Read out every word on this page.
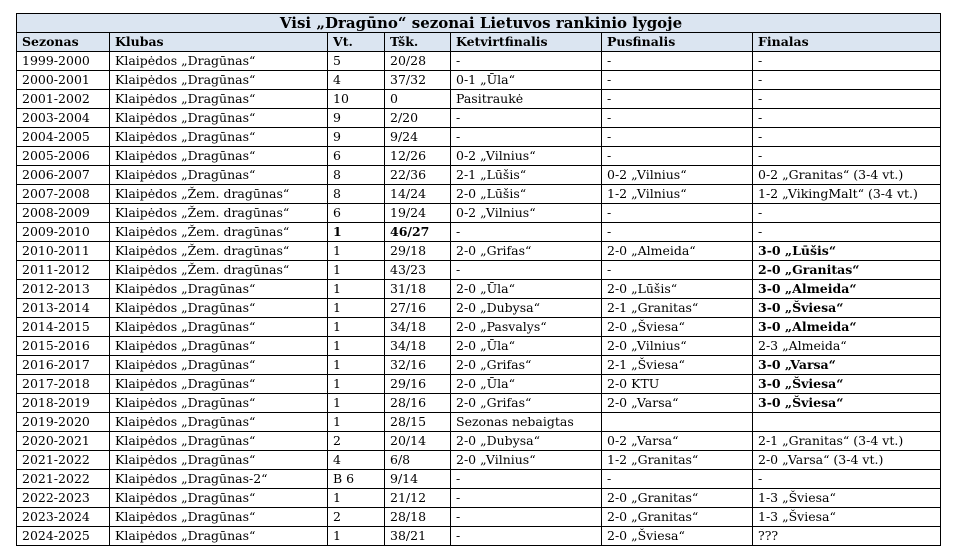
Visi „Dragūno“ sezonai Lietuvos rankinio lygoje						
Sezonas	Klubas	Vt.	Tšk.	Ketvirtfinalis	Pusfinalis	Finalas
1999-2000	Klaipėdos „Dragūnas“	5	20/28	-	-	-
2000-2001	Klaipėdos „Dragūnas“	4	37/32	0-1 „Ūla“	-	-
2001-2002	Klaipėdos „Dragūnas“	10	0	Pasitraukė	-	-
2003-2004	Klaipėdos „Dragūnas“	9	2/20	-	-	-
2004-2005	Klaipėdos „Dragūnas“	9	9/24	-	-	-
2005-2006	Klaipėdos „Dragūnas“	6	12/26	0-2 „Vilnius“	-	-
2006-2007	Klaipėdos „Dragūnas“	8	22/36	2-1 „Lūšis“	0-2 „Vilnius“	0-2 „Granitas“ (3-4 vt.)
2007-2008	Klaipėdos „Žem. dragūnas“	8	14/24	2-0 „Lūšis“	1-2 „Vilnius“	1-2 „VikingMalt“ (3-4 vt.)
2008-2009	Klaipėdos „Žem. dragūnas“	6	19/24	0-2 „Vilnius“	-	-
2009-2010	Klaipėdos „Žem. dragūnas“	1	46/27	-	-	-
2010-2011	Klaipėdos „Žem. dragūnas“	1	29/18	2-0 „Grifas“	2-0 „Almeida“	3-0 „Lūšis“
2011-2012	Klaipėdos „Žem. dragūnas“	1	43/23	-	-	2-0 „Granitas“
2012-2013	Klaipėdos „Dragūnas“	1	31/18	2-0 „Ūla“	2-0 „Lūšis“	3-0 „Almeida“
2013-2014	Klaipėdos „Dragūnas“	1	27/16	2-0 „Dubysa“	2-1 „Granitas“	3-0 „Šviesa“
2014-2015	Klaipėdos „Dragūnas“	1	34/18	2-0 „Pasvalys“	2-0 „Šviesa“	3-0 „Almeida“
2015-2016	Klaipėdos „Dragūnas“	1	34/18	2-0 „Ūla“	2-0 „Vilnius“	2-3 „Almeida“
2016-2017	Klaipėdos „Dragūnas“	1	32/16	2-0 „Grifas“	2-1 „Šviesa“	3-0 „Varsa“
2017-2018	Klaipėdos „Dragūnas“	1	29/16	2-0 „Ūla“	2-0 KTU	3-0 „Šviesa“
2018-2019	Klaipėdos „Dragūnas“	1	28/16	2-0 „Grifas“	2-0 „Varsa“	3-0 „Šviesa“
2019-2020	Klaipėdos „Dragūnas“	1	28/15	Sezonas nebaigtas		
2020-2021	Klaipėdos „Dragūnas“	2	20/14	2-0 „Dubysa“	0-2 „Varsa“	2-1 „Granitas“ (3-4 vt.)
2021-2022	Klaipėdos „Dragūnas“	4	6/8	2-0 „Vilnius“	1-2 „Granitas“	2-0 „Varsa“ (3-4 vt.)
2021-2022	Klaipėdos „Dragūnas-2“	B 6	9/14	-	-	-
2022-2023	Klaipėdos „Dragūnas“	1	21/12	-	2-0 „Granitas“	1-3 „Šviesa“
2023-2024	Klaipėdos „Dragūnas“	2	28/18	-	2-0 „Granitas“	1-3 „Šviesa“
2024-2025	Klaipėdos „Dragūnas“	1	38/21	-	2-0 „Šviesa“	???
